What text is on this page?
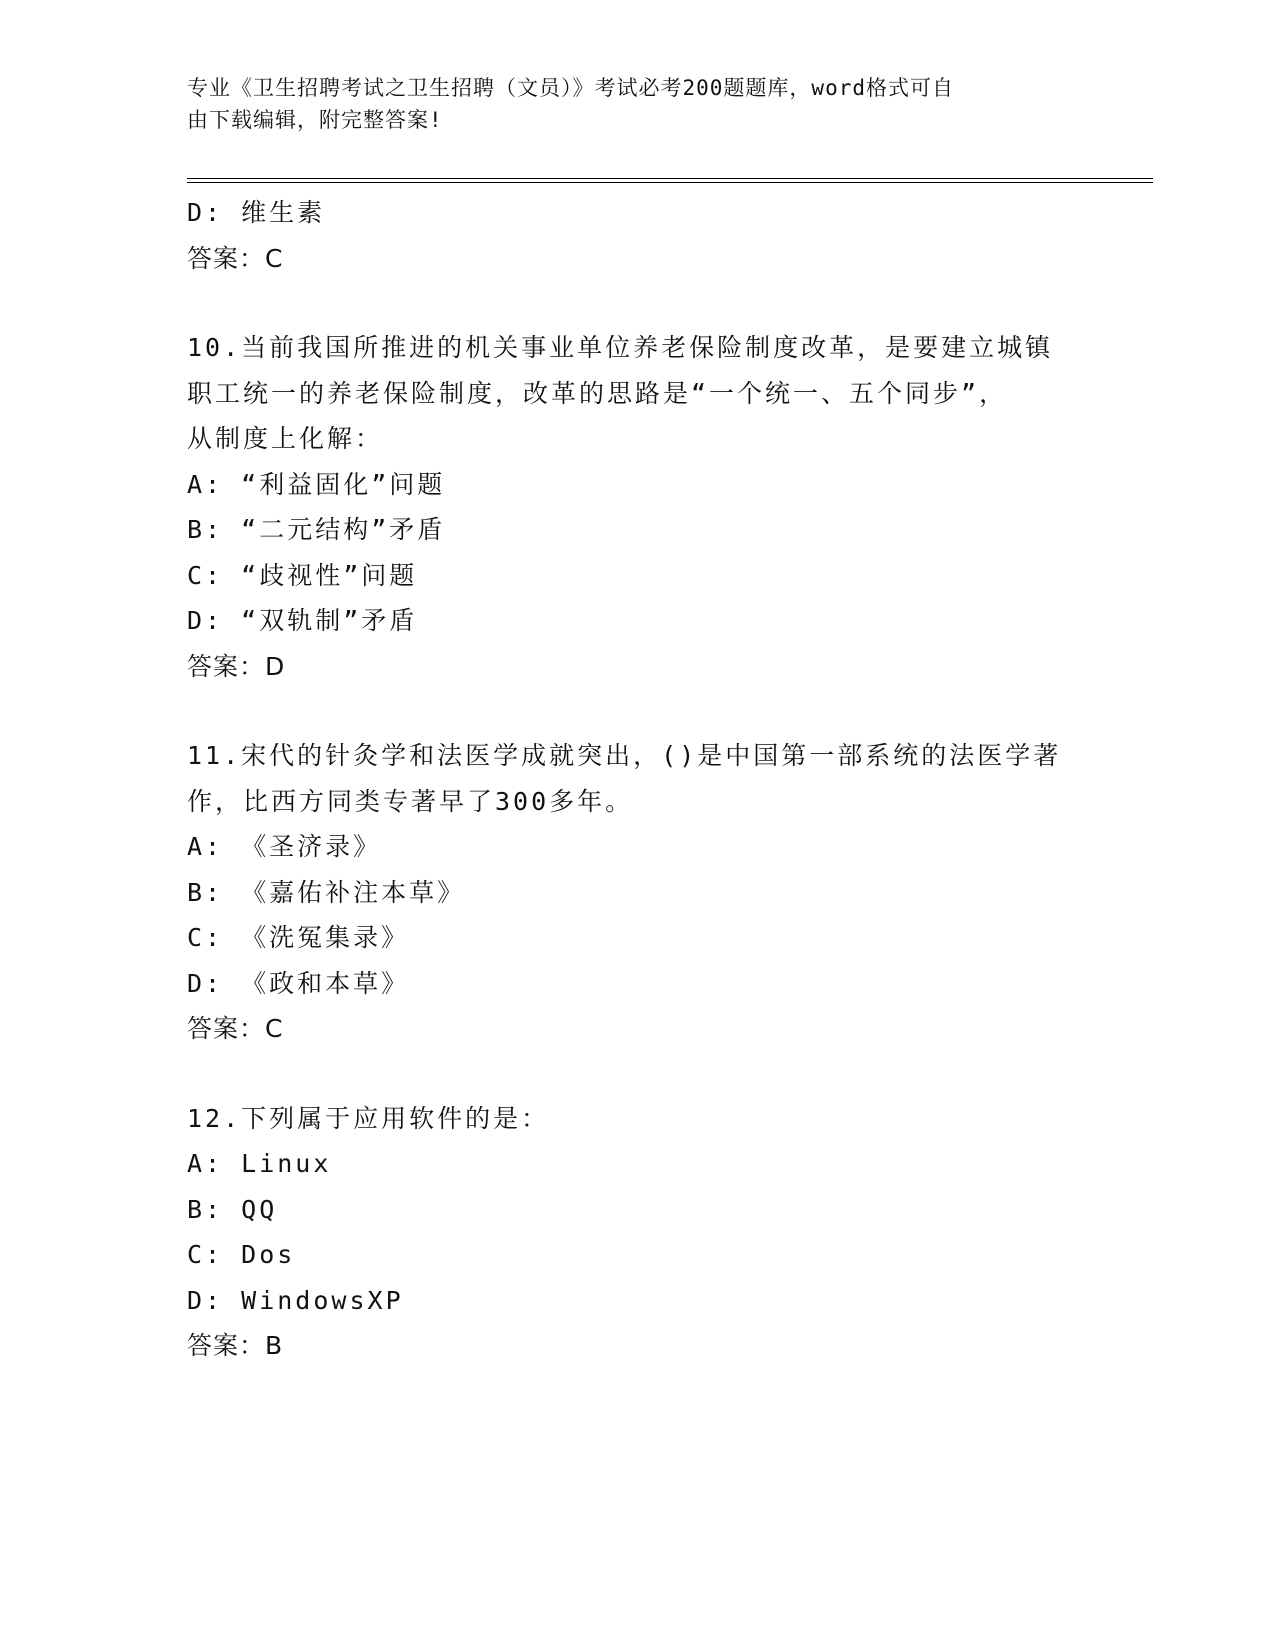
专业《卫生招聘考试之卫生招聘（文员）》考试必考200题题库，word格式可自
由下载编辑，附完整答案!
D: 维生素
答案：C
10.当前我国所推进的机关事业单位养老保险制度改革，是要建立城镇
职工统一的养老保险制度，改革的思路是“一个统一、五个同步”，
从制度上化解：
A: “利益固化”问题
B: “二元结构”矛盾
C: “歧视性”问题
D: “双轨制”矛盾
答案：D
11.宋代的针灸学和法医学成就突出，()是中国第一部系统的法医学著
作，比西方同类专著早了300多年。
A: 《圣济录》
B: 《嘉佑补注本草》
C: 《洗冤集录》
D: 《政和本草》
答案：C
12.下列属于应用软件的是：
A: Linux
B: QQ
C: Dos
D: WindowsXP
答案：B
